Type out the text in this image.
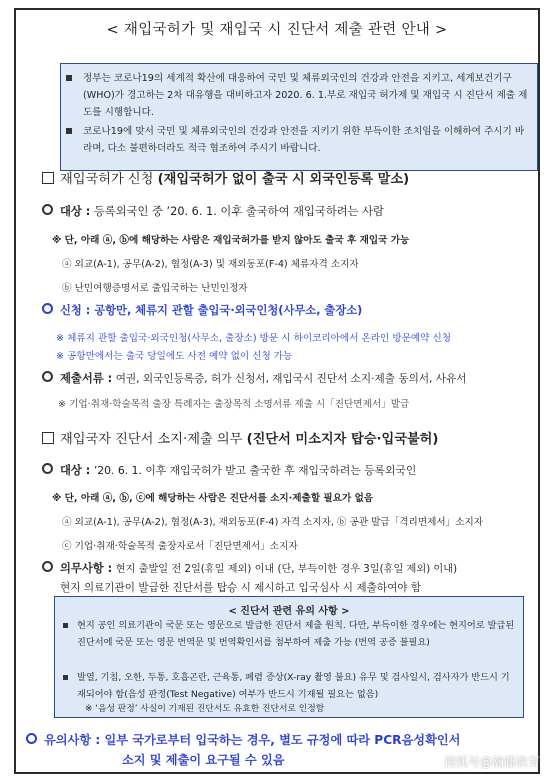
< 재입국허가 및 재입국 시 진단서 제출 관련 안내 >
정부는 코로나19의 세계적 확산에 대응하여 국민 및 체류외국인의 건강과 안전을 지키고, 세계보건기구(WHO)가 경고하는 2차 대유행을 대비하고자 2020. 6. 1.부로 재입국 허가제 및 재입국 시 진단서 제출 제도를 시행합니다.
코로나19에 맞서 국민 및 체류외국인의 건강과 안전을 지키기 위한 부득이한 조치임을 이해하여 주시기 바라며, 다소 불편하더라도 적극 협조하여 주시기 바랍니다.
재입국허가 신청 (재입국허가 없이 출국 시 외국인등록 말소)
대상 : 등록외국인 중 ’20. 6. 1. 이후 출국하여 재입국하려는 사람
※ 단, 아래 ⓐ, ⓑ에 해당하는 사람은 재입국허가를 받지 않아도 출국 후 재입국 가능
ⓐ 외교(A-1), 공무(A-2), 협정(A-3) 및 재외동포(F-4) 체류자격 소지자
ⓑ 난민여행증명서로 출입국하는 난민인정자
신청 : 공항만, 체류지 관할 출입국·외국인청(사무소, 출장소)
※ 체류지 관할 출입국·외국인청(사무소, 출장소) 방문 시 하이코리아에서 온라인 방문예약 신청
※ 공항만에서는 출국 당일에도 사전 예약 없이 신청 가능
제출서류 : 여권, 외국인등록증, 허가 신청서, 재입국시 진단서 소지·제출 동의서, 사유서
※ 기업·취재·학술목적 출장 특례자는 출장목적 소명서류 제출 시「진단면제서」발급
재입국자 진단서 소지·제출 의무 (진단서 미소지자 탑승·입국불허)
대상 : ’20. 6. 1. 이후 재입국허가 받고 출국한 후 재입국하려는 등록외국인
※ 단, 아래 ⓐ, ⓑ, ⓒ에 해당하는 사람은 진단서를 소지·제출할 필요가 없음
ⓐ 외교(A-1), 공무(A-2), 협정(A-3), 재외동포(F-4) 자격 소지자, ⓑ 공관 발급「격리면제서」소지자
ⓒ 기업·취재·학술목적 출장자로서「진단면제서」소지자
의무사항 : 현지 출발일 전 2일(휴일 제외) 이내 (단, 부득이한 경우 3일(휴일 제외) 이내)
현지 의료기관이 발급한 진단서를 탑승 시 제시하고 입국심사 시 제출하여야 함
< 진단서 관련 유의 사항 >
현지 공인 의료기관이 국문 또는 영문으로 발급한 진단서 제출 원칙. 다만, 부득이한 경우에는 현지어로 발급된 진단서에 국문 또는 영문 번역문 및 번역확인서를 첨부하여 제출 가능 (번역 공증 불필요)
발열, 기침, 오한, 두통, 호흡곤란, 근육통, 폐렴 증상(X-ray 촬영 불요) 유무 및 검사일시, 검사자가 반드시 기재되어야 함(음성 판정(Test Negative) 여부가 반드시 기재될 필요는 없음)
※ ‘음성 판정’ 사실이 기재된 진단서도 유효한 진단서로 인정함
유의사항 : 일부 국가로부터 입국하는 경우, 별도 규정에 따라 PCR음성확인서
소지 및 제출이 요구될 수 있음	搜狐号@瀚藤教育
